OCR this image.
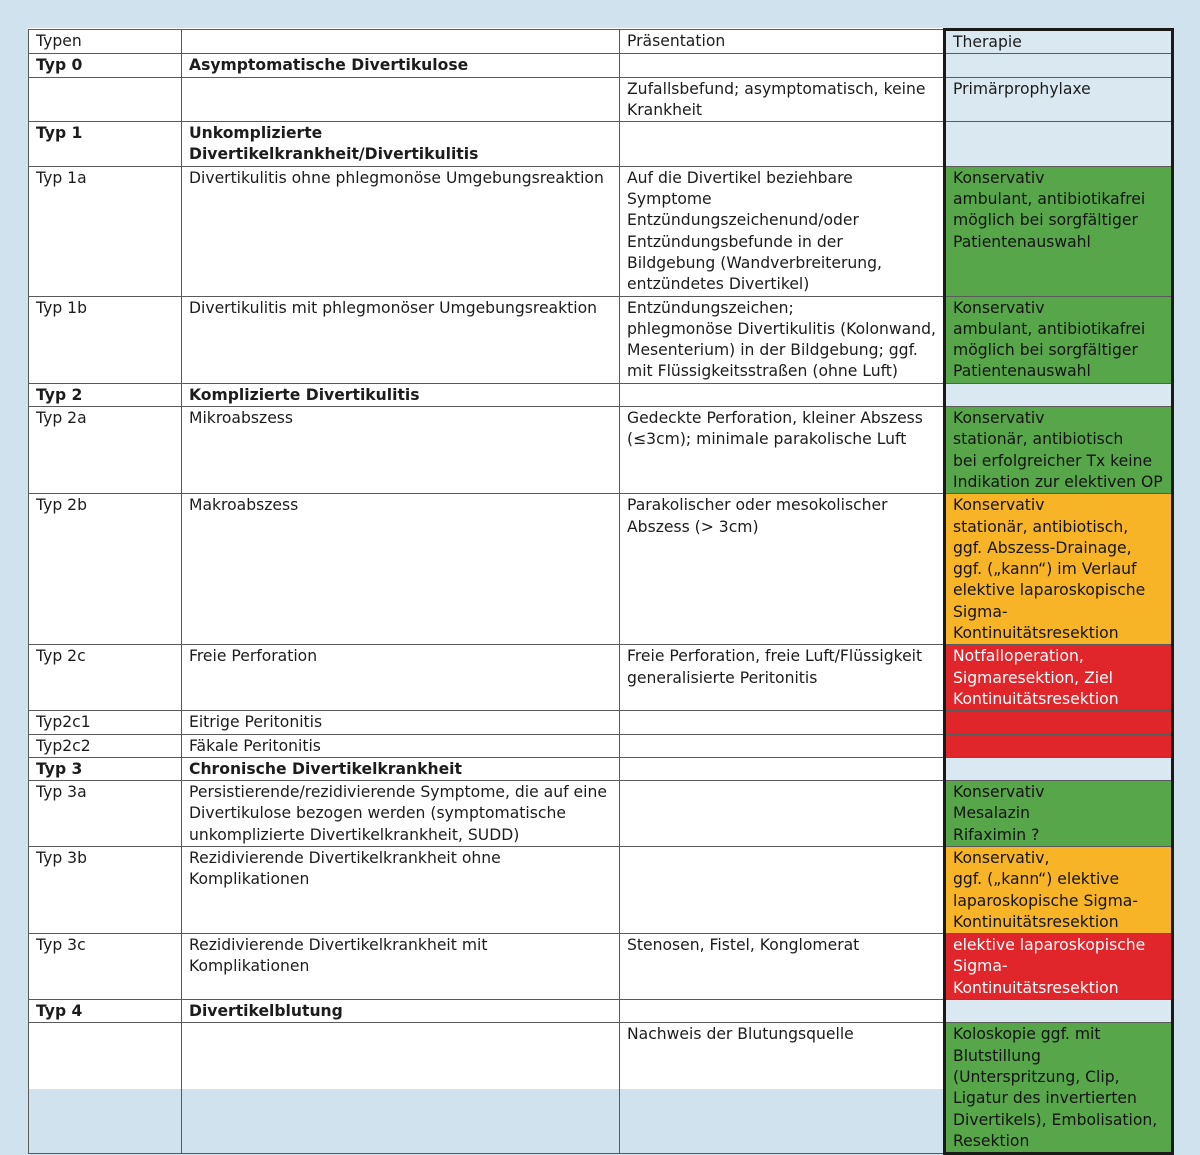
Typen		Präsentation	Therapie
Typ 0	Asymptomatische Divertikulose		
		Zufallsbefund; asymptomatisch, keine Krankheit	Primärprophylaxe
Typ 1	Unkomplizierte Divertikelkrankheit/Divertikulitis		
Typ 1a	Divertikulitis ohne phlegmonöse Umgebungsreaktion	Auf die Divertikel beziehbare Symptome Entzündungszeichenund/oder Entzündungsbefunde in der Bildgebung (Wandverbreiterung, entzündetes Divertikel)	Konservativ
ambulant, antibiotikafrei möglich bei sorgfältiger Patientenauswahl
Typ 1b	Divertikulitis mit phlegmonöser Umgebungsreaktion	Entzündungszeichen;
phlegmonöse Divertikulitis (Kolonwand, Mesenterium) in der Bildgebung; ggf. mit Flüssigkeitsstraßen (ohne Luft)	Konservativ
ambulant, antibiotikafrei möglich bei sorgfältiger Patientenauswahl
Typ 2	Komplizierte Divertikulitis		
Typ 2a	Mikroabszess	Gedeckte Perforation, kleiner Abszess (≤3cm); minimale parakolische Luft	Konservativ
stationär, antibiotisch
bei erfolgreicher Tx keine Indikation zur elektiven OP
Typ 2b	Makroabszess	Parakolischer oder mesokolischer Abszess (> 3cm)	Konservativ
stationär, antibiotisch,
ggf. Abszess-Drainage,
ggf. („kann“) im Verlauf elektive laparoskopische Sigma-
Kontinuitätsresektion
Typ 2c	Freie Perforation	Freie Perforation, freie Luft/Flüssigkeit generalisierte Peritonitis	Notfalloperation,
Sigmaresektion, Ziel Kontinuitätsresektion
Typ2c1	Eitrige Peritonitis		
Typ2c2	Fäkale Peritonitis		
Typ 3	Chronische Divertikelkrankheit		
Typ 3a	Persistierende/rezidivierende Symptome, die auf eine Divertikulose bezogen werden (symptomatische unkomplizierte Divertikelkrankheit, SUDD)		Konservativ
Mesalazin
Rifaximin ?
Typ 3b	Rezidivierende Divertikelkrankheit ohne Komplikationen		Konservativ,
ggf. („kann“) elektive laparoskopische Sigma-Kontinuitätsresektion
Typ 3c	Rezidivierende Divertikelkrankheit mit Komplikationen	Stenosen, Fistel, Konglomerat	elektive laparoskopische Sigma-
Kontinuitätsresektion
Typ 4	Divertikelblutung		
		Nachweis der Blutungsquelle	Koloskopie ggf. mit Blutstillung (Unterspritzung, Clip, Ligatur des invertierten Divertikels), Embolisation, Resektion
